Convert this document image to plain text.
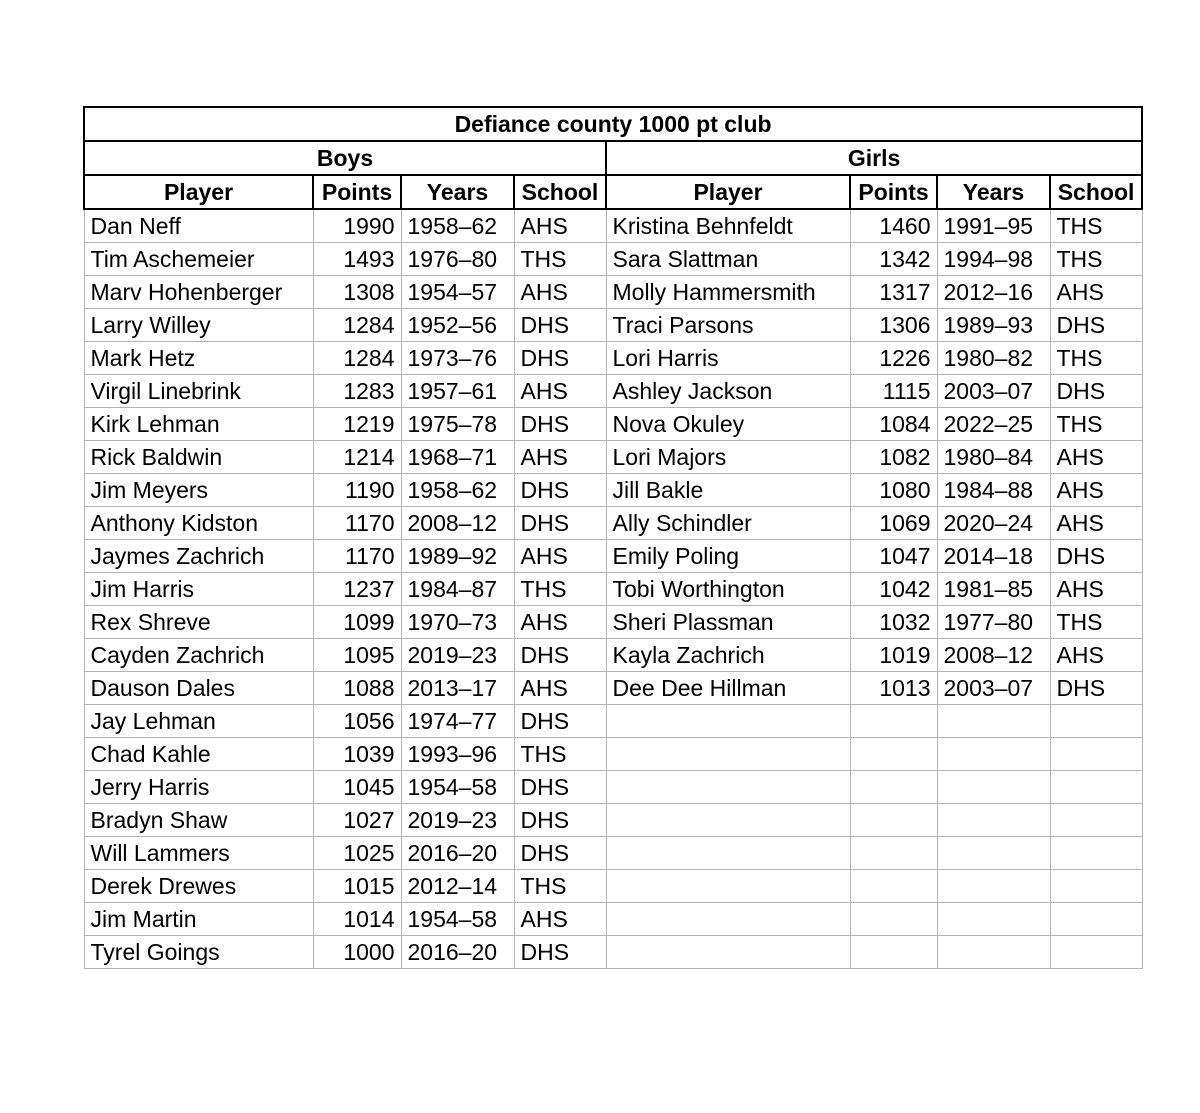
Defiance county 1000 pt club							
Boys				Girls			
Player	Points	Years	School	Player	Points	Years	School
Dan Neff	1990	1958–62	AHS	Kristina Behnfeldt	1460	1991–95	THS
Tim Aschemeier	1493	1976–80	THS	Sara Slattman	1342	1994–98	THS
Marv Hohenberger	1308	1954–57	AHS	Molly Hammersmith	1317	2012–16	AHS
Larry Willey	1284	1952–56	DHS	Traci Parsons	1306	1989–93	DHS
Mark Hetz	1284	1973–76	DHS	Lori Harris	1226	1980–82	THS
Virgil Linebrink	1283	1957–61	AHS	Ashley Jackson	1115	2003–07	DHS
Kirk Lehman	1219	1975–78	DHS	Nova Okuley	1084	2022–25	THS
Rick Baldwin	1214	1968–71	AHS	Lori Majors	1082	1980–84	AHS
Jim Meyers	1190	1958–62	DHS	Jill Bakle	1080	1984–88	AHS
Anthony Kidston	1170	2008–12	DHS	Ally Schindler	1069	2020–24	AHS
Jaymes Zachrich	1170	1989–92	AHS	Emily Poling	1047	2014–18	DHS
Jim Harris	1237	1984–87	THS	Tobi Worthington	1042	1981–85	AHS
Rex Shreve	1099	1970–73	AHS	Sheri Plassman	1032	1977–80	THS
Cayden Zachrich	1095	2019–23	DHS	Kayla Zachrich	1019	2008–12	AHS
Dauson Dales	1088	2013–17	AHS	Dee Dee Hillman	1013	2003–07	DHS
Jay Lehman	1056	1974–77	DHS				
Chad Kahle	1039	1993–96	THS				
Jerry Harris	1045	1954–58	DHS				
Bradyn Shaw	1027	2019–23	DHS				
Will Lammers	1025	2016–20	DHS				
Derek Drewes	1015	2012–14	THS				
Jim Martin	1014	1954–58	AHS				
Tyrel Goings	1000	2016–20	DHS				
